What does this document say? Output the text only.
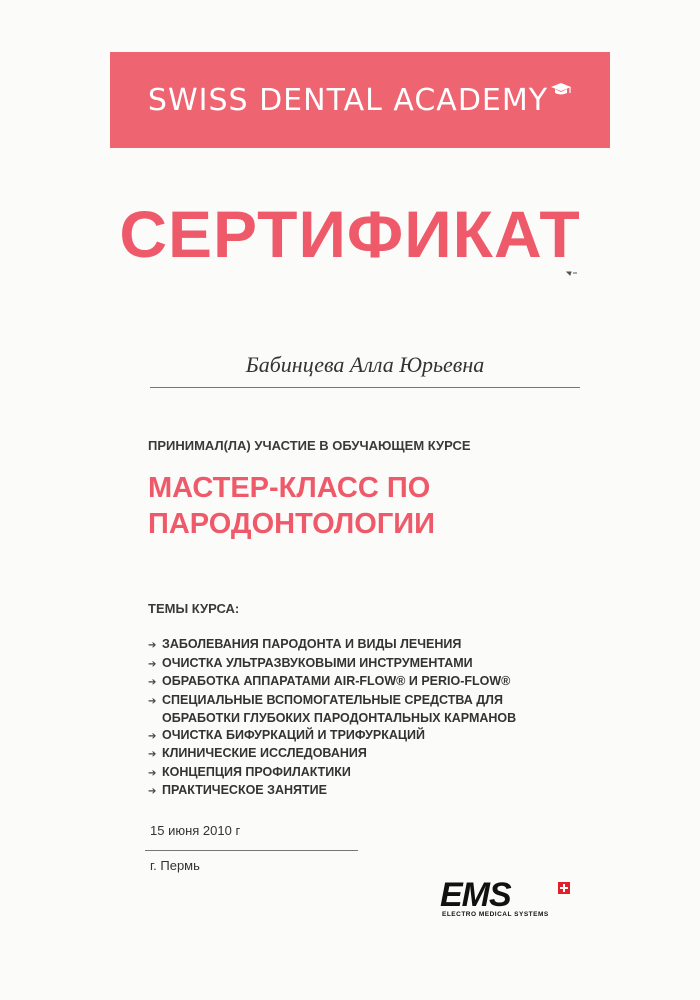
SWISS DENTAL ACADEMY
СЕРТИФИКАТ
Бабинцева Алла Юрьевна
ПРИНИМАЛ(ЛА) УЧАСТИЕ В ОБУЧАЮЩЕМ КУРСЕ
МАСТЕР-КЛАСС ПО
ПАРОДОНТОЛОГИИ
ТЕМЫ КУРСА:
➔ ЗАБОЛЕВАНИЯ ПАРОДОНТА И ВИДЫ ЛЕЧЕНИЯ
➔ ОЧИСТКА УЛЬТРАЗВУКОВЫМИ ИНСТРУМЕНТАМИ
➔ ОБРАБОТКА АППАРАТАМИ AIR-FLOW® И PERIO-FLOW®
➔ СПЕЦИАЛЬНЫЕ ВСПОМОГАТЕЛЬНЫЕ СРЕДСТВА ДЛЯ
ОБРАБОТКИ ГЛУБОКИХ ПАРОДОНТАЛЬНЫХ КАРМАНОВ
➔ ОЧИСТКА БИФУРКАЦИЙ И ТРИФУРКАЦИЙ
➔ КЛИНИЧЕСКИЕ ИССЛЕДОВАНИЯ
➔ КОНЦЕПЦИЯ ПРОФИЛАКТИКИ
➔ ПРАКТИЧЕСКОЕ ЗАНЯТИЕ
15 июня 2010 г
г. Пермь
EMS
ELECTRO MEDICAL SYSTEMS
